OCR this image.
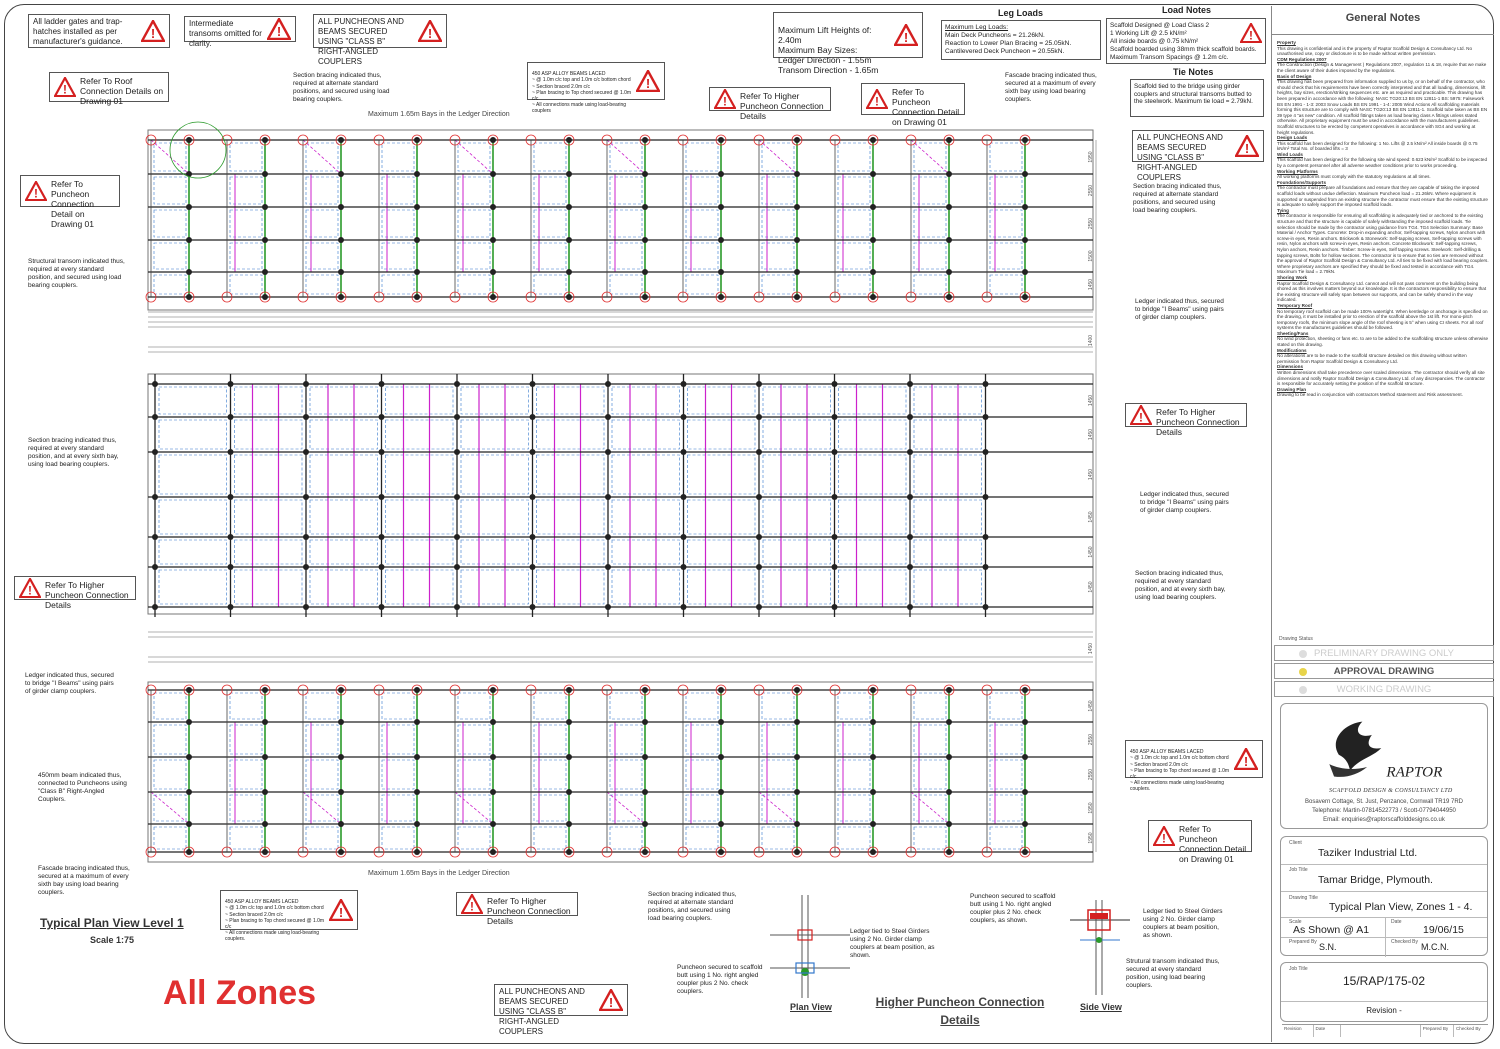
All ladder gates and trap-hatches installed as per manufacturer's guidance.
!
Intermediate transoms omitted for clarity.
!
ALL PUNCHEONS AND BEAMS SECURED USING "CLASS B" RIGHT-ANGLED COUPLERS
!	Maximum Lift Heights of: 2.40m
Maximum Bay Sizes:
Ledger Direction - 1.55m
Transom Direction - 1.65m

!

Leg Loads
Maximum Leg Loads:
Main Deck Puncheons = 21.26kN.
Reaction to Lower Plan Bracing = 25.05kN.
Cantilevered Deck Puncheon = 20.55kN.
Load Notes
Scaffold Designed @ Load Class 2
1 Working Lift @ 2.5 kN/m²
All inside boards @ 0.75 kN/m²
Scaffold boarded using 38mm thick scaffold boards.
Maximum Transom Spacings @ 1.2m c/c.
!
Tie Notes
Scaffold tied to the bridge using girder couplers and structural transoms butted to the steelwork. Maximum tie load = 2.79kN.
ALL PUNCHEONS AND BEAMS SECURED USING "CLASS B" RIGHT-ANGLED COUPLERS
!
!
Refer To Roof Connection Details on Drawing 01
!
Refer To Puncheon Connection Detail on Drawing 01
! Refer To Higher Puncheon Connection Details
!
Refer To Puncheon Connection Detail on Drawing 01
! Refer To Higher Puncheon Connection Details
! Refer To Higher Puncheon Connection Details
!
Refer To Puncheon Connection Detail on Drawing 01
! Refer To Higher Puncheon Connection Details

450 ASP ALLOY BEAMS LACED
~ @ 1.0m c/c top and 1.0m c/c bottom chord
~ Section braced 2.0m c/c
~ Plan bracing to Top chord secured @ 1.0m c/c
~ All connections made using load-bearing couplers

!

450 ASP ALLOY BEAMS LACED
~ @ 1.0m c/c top and 1.0m c/c bottom chord
~ Section braced 2.0m c/c
~ Plan bracing to Top chord secured @ 1.0m c/c
~ All connections made using load-bearing couplers.

!

450 ASP ALLOY BEAMS LACED
~ @ 1.0m c/c top and 1.0m c/c bottom chord
~ Section braced 2.0m c/c
~ Plan bracing to Top chord secured @ 1.0m c/c
~ All connections made using load-bearing couplers.

!

Section bracing indicated thus, required at alternate standard positions, and secured using load bearing couplers.
Fascade bracing indicated thus, secured at a maximum of every sixth bay using load bearing couplers.
Section bracing indicated thus, required at alternate standard positions, and secured using load bearing couplers.
Structural transom indicated thus, required at every standard position, and secured using load bearing couplers.
Ledger indicated thus, secured to bridge "I Beams" using pairs of girder clamp couplers.
Section bracing indicated thus, required at every standard position, and at every sixth bay, using load bearing couplers.
Ledger indicated thus, secured to bridge "I Beams" using pairs of girder clamp couplers.
Section bracing indicated thus, required at every standard position, and at every sixth bay, using load bearing couplers.
Ledger indicated thus, secured to bridge "I Beams" using pairs of girder clamp couplers.
450mm beam indicated thus, connected to Puncheons using "Class B" Right-Angled Couplers.
Fascade bracing indicated thus, secured at a maximum of every sixth bay using load bearing couplers.	Section bracing indicated thus, required at alternate standard positions, and secured using load bearing couplers.
1950
2550
2550
1500
1450
1400
1450
1450
1450
1450
1450
1450
1450
1450
2550
2550
1950
1950
Maximum 1.65m Bays in the Ledger Direction
Maximum 1.65m Bays in the Ledger Direction
Typical Plan View Level 1
Scale 1:75
All Zones	ALL PUNCHEONS AND BEAMS SECURED USING "CLASS B" RIGHT-ANGLED COUPLERS
!
Ledger tied to Steel Girders using 2 No. Girder clamp couplers at beam position, as shown.
Puncheon secured to scaffold butt using 1 No. right angled coupler plus 2 No. check couplers.
Plan View	Higher Puncheon Connection Details
Puncheon secured to scaffold butt using 1 No. right angled coupler plus 2 No. check couplers, as shown.
Ledger tied to Steel Girders using 2 No. Girder clamp couplers at beam position, as shown.
Strutural transom indicated thus, secured at every standard position, using load bearing couplers.
Side View
General Notes
Property
This drawing is confidential and is the property of Raptor Scaffold Design & Consultancy Ltd. No unauthorised use, copy or disclosure is to be made without written permission.
CDM Regulations 2007
The Construction (Design & Management ) Regulations 2007, regulation 11 & 18, require that we make the client aware of their duties imposed by the regulations.
Basis of Design
This drawing has been prepared from information supplied to us by, or on behalf of the contractor, who should check that his requirements have been correctly interpreted and that all loading, dimensions, lift heights, bay sizes, erection/striking sequences etc. are as required and practicable. This drawing has been prepared in accordance with the following: NASC TG20:13 BS EN 12811-1 BS: 5975: Falsework BS EN 1991 - 1-3: 2003 Snow Loads BS EN 1991 - 1-4: 2005 Wind Actions All scaffolding materials forming this structure are to comply with NASC TG20:13 BS EN 12811-1. Scaffold tube taken as BS EN 39 type 4 "as new" condition. All scaffold fittings taken as load bearing class A fittings unless stated otherwise. All proprietary equipment must be used in accordance with the manufacturers guidelines. Scaffold structures to be erected by competent operatives in accordance with SG4 and working at height regulations.
Design Loads
This scaffold has been designed for the following: 1 No. Lifts @ 2.5 kN/m² All inside boards @ 0.75 kN/m² Total No. of boarded lifts = 3
Wind Loads
This scaffold has been designed for the following site wind speed: 0.623 kN/m² Scaffold to be inspected by a competent personnel after all adverse weather conditions prior to works proceeding.
Working Platforms
All working platforms must comply with the statutory regulations at all times.
Foundations/Supports
The contractor must prepare all foundations and ensure that they are capable of taking the imposed scaffold loads without undue deflection. Maximum Puncheon load = 21.26kN. Where equipment is supported or suspended from an existing structure the contractor must ensure that the existing structure is adequate to safely support the imposed scaffold loads.
Tying
The contractor is responsible for ensuring all scaffolding is adequately tied or anchored to the existing structure and that the structure is capable of safely withstanding the imposed scaffold loads. Tie selection should be made by the contractor using guidance from TG4. TG4 Selection Summary: Base Material / Anchor Types. Concrete: Drop-in expanding anchor, Self-tapping screws, Nylon anchors with screw-in eyes, Resin anchors. Brickwork & Stonework: Self-tapping screws, Self-tapping screws with resin, Nylon anchors with screw-in eyes, Resin anchors. Concrete Blockwork: Self-tapping screws, Nylon anchors, Resin anchors. Timber: Screw-in eyes, Self tapping screws. Steelwork: Self-drilling & tapping screws, Bolts for hollow sections. The contractor is to ensure that no ties are removed without the approval of Raptor Scaffold Design & Consultancy Ltd. All ties to be fixed with load bearing couplers. Where proprietary anchors are specified they should be fixed and tested in accordance with TG4. Maximum Tie load = 2.79kN.
Shoring Work
Raptor Scaffold Design & Consultancy Ltd. cannot and will not pass comment on the building being shored as this involves matters beyond our knowledge. It is the contractors responsibility to ensure that the existing structure will safely span between our supports, and can be safely shored in the way indicated.
Temporary Roof
No temporary roof scaffold can be made 100% watertight. When kentledge or anchorage is specified on the drawing, it must be installed prior to erection of the scaffold above the 1st lift. For mono-pitch temporary roofs, the minimum slope angle of the roof sheeting is 5° when using CI sheets. For all roof systems the manufactures guidelines should be followed.
Sheeting/Fans
No wind protection, sheeting or fans etc. to are to be added to the scaffolding structure unless otherwise stated on this drawing.
Modifications
No alterations are to be made to the scaffold structure detailed on this drawing without written permission from Raptor Scaffold Design & Consultancy Ltd.
Dimensions
Written dimensions shall take precedence over scaled dimensions. The contractor should verify all site dimensions and notify Raptor Scaffold Design & Consultancy Ltd. of any discrepancies. The contractor is responsible for accurately setting the position of the scaffold structure.
Drawing Plan
Drawing to be read in conjunction with contractors Method statement and Risk assessment.
Drawing Status
PRELIMINARY DRAWING ONLY
APPROVAL DRAWING
WORKING DRAWING
RAPTOR
SCAFFOLD DESIGN & CONSULTANCY LTD
Bosavern Cottage, St. Just, Penzance, Cornwall TR19 7RD
Telephone: Martin-07814522773 / Scott-07794044950
Email: enquiries@raptorscaffolddesigns.co.uk
Client
Taziker Industrial Ltd.
Job Title
Tamar Bridge, Plymouth.
Drawing Title
Typical Plan View, Zones 1 - 4.
Scale
As Shown @ A1
Date
19/06/15
Prepared By S.N.	Checked By M.C.N.
Job Title
15/RAP/175-02
Revision -
Revision	Date	Prepared By	Checked By
